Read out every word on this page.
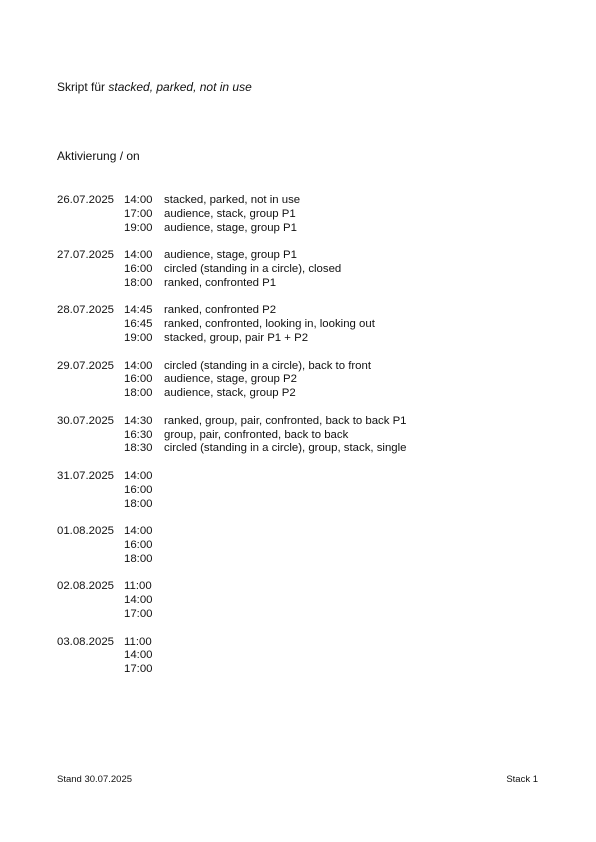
Skript für stacked, parked, not in use
Aktivierung / on
26.07.2025 14:00	stacked, parked, not in use
17:00	audience, stack, group P1
19:00	audience, stage, group P1
27.07.2025 14:00	audience, stage, group P1
16:00	circled (standing in a circle), closed
18:00	ranked, confronted P1
28.07.2025 14:45	ranked, confronted P2
16:45	ranked, confronted, looking in, looking out
19:00	stacked, group, pair P1 + P2
29.07.2025 14:00	circled (standing in a circle), back to front
16:00	audience, stage, group P2
18:00	audience, stack, group P2
30.07.2025 14:30	ranked, group, pair, confronted, back to back P1
16:30	group, pair, confronted, back to back
18:30	circled (standing in a circle), group, stack, single
31.07.2025 14:00
16:00
18:00
01.08.2025 14:00
16:00
18:00
02.08.2025 11:00
14:00
17:00
03.08.2025 11:00
14:00
17:00
Stand 30.07.2025	Stack 1
